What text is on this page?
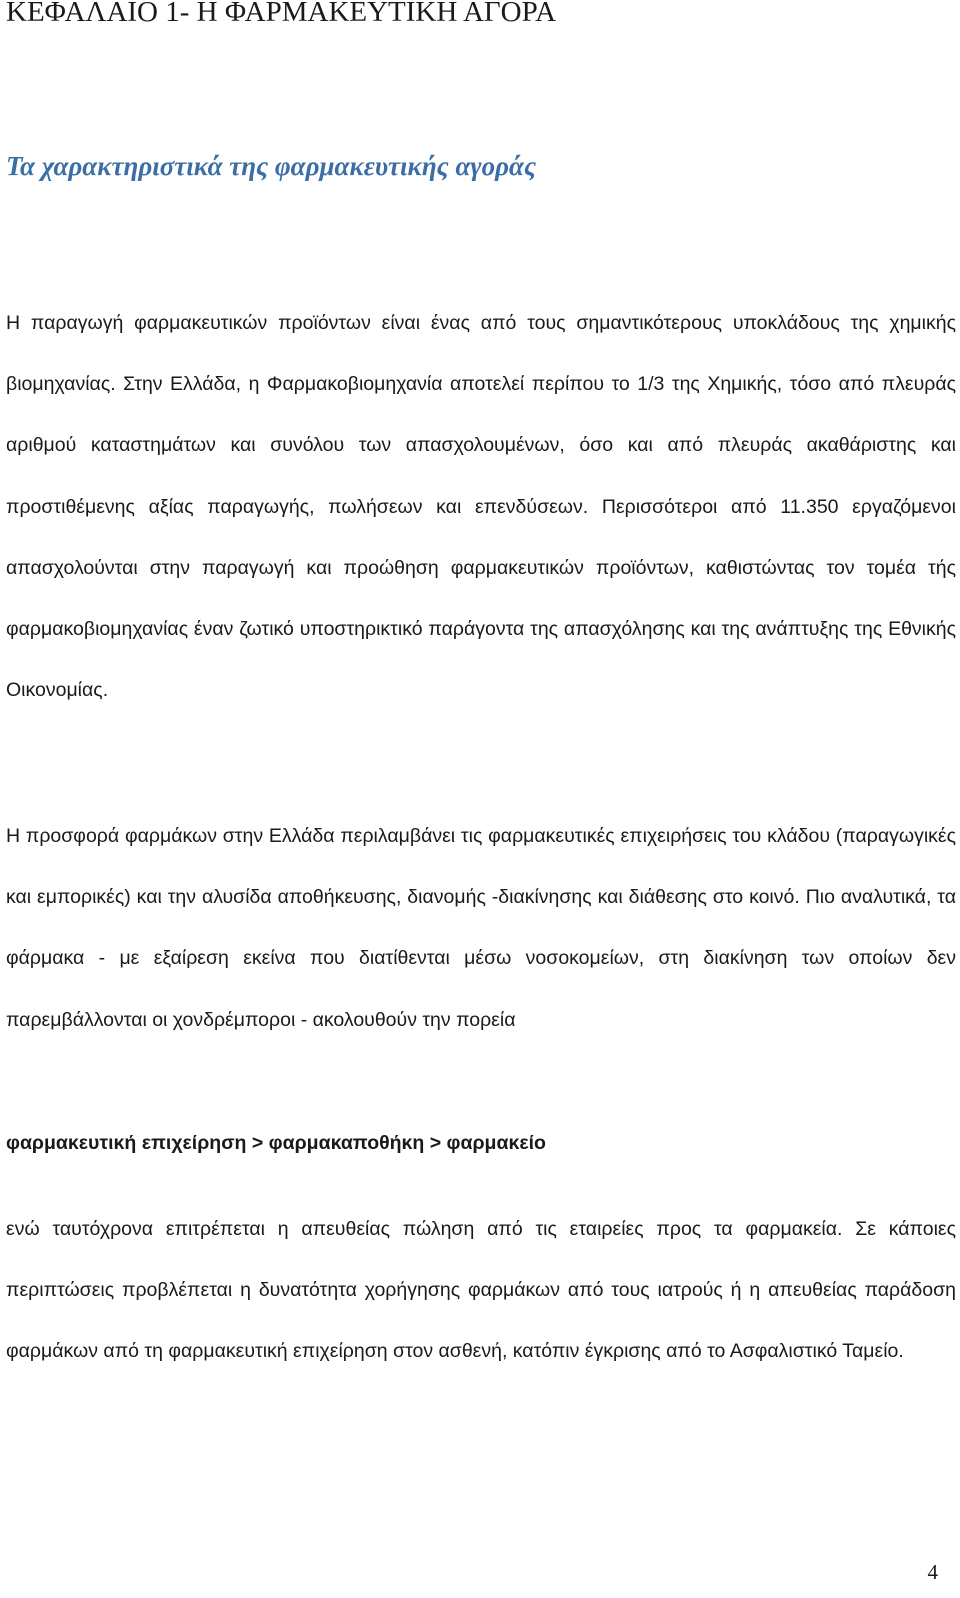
ΚΕΦΑΛΑΙΟ 1- Η ΦΑΡΜΑΚΕΥΤΙΚΗ ΑΓΟΡΑ
Τα χαρακτηριστικά της φαρμακευτικής αγοράς

Η παραγωγή φαρμακευτικών προϊόντων είναι ένας από τους σημαντικότερους υποκλάδους της χημικής βιομηχανίας. Στην Ελλάδα, η Φαρμακοβιομηχανία αποτελεί περίπου το 1/3 της Χημικής, τόσο από πλευράς αριθμού καταστημάτων και συνόλου των απασχολουμένων, όσο και από πλευράς ακαθάριστης και προστιθέμενης αξίας παραγωγής, πωλήσεων και επενδύσεων. Περισσότεροι από 11.350 εργαζόμενοι απασχολούνται στην παραγωγή και προώθηση φαρμακευτικών προϊόντων, καθιστώντας τον τομέα τής φαρμακοβιομηχανίας έναν ζωτικό υποστηρικτικό παράγοντα της απασχόλησης και της ανάπτυξης της Εθνικής Οικονομίας.

Η προσφορά φαρμάκων στην Ελλάδα περιλαμβάνει τις φαρμακευτικές επιχειρήσεις του κλάδου (παραγωγικές και εμπορικές) και την αλυσίδα αποθήκευσης, διανομής -διακίνησης και διάθεσης στο κοινό. Πιο αναλυτικά, τα φάρμακα - με εξαίρεση εκείνα που διατίθενται μέσω νοσοκομείων, στη διακίνηση των οποίων δεν παρεμβάλλονται οι χονδρέμποροι - ακολουθούν την πορεία

φαρμακευτική επιχείρηση > φαρμακαποθήκη > φαρμακείο

ενώ ταυτόχρονα επιτρέπεται η απευθείας πώληση από τις εταιρείες προς τα φαρμακεία. Σε κάποιες περιπτώσεις προβλέπεται η δυνατότητα χορήγησης φαρμάκων από τους ιατρούς ή η απευθείας παράδοση φαρμάκων από τη φαρμακευτική επιχείρηση στον ασθενή, κατόπιν έγκρισης από το Ασφαλιστικό Ταμείο.

4
